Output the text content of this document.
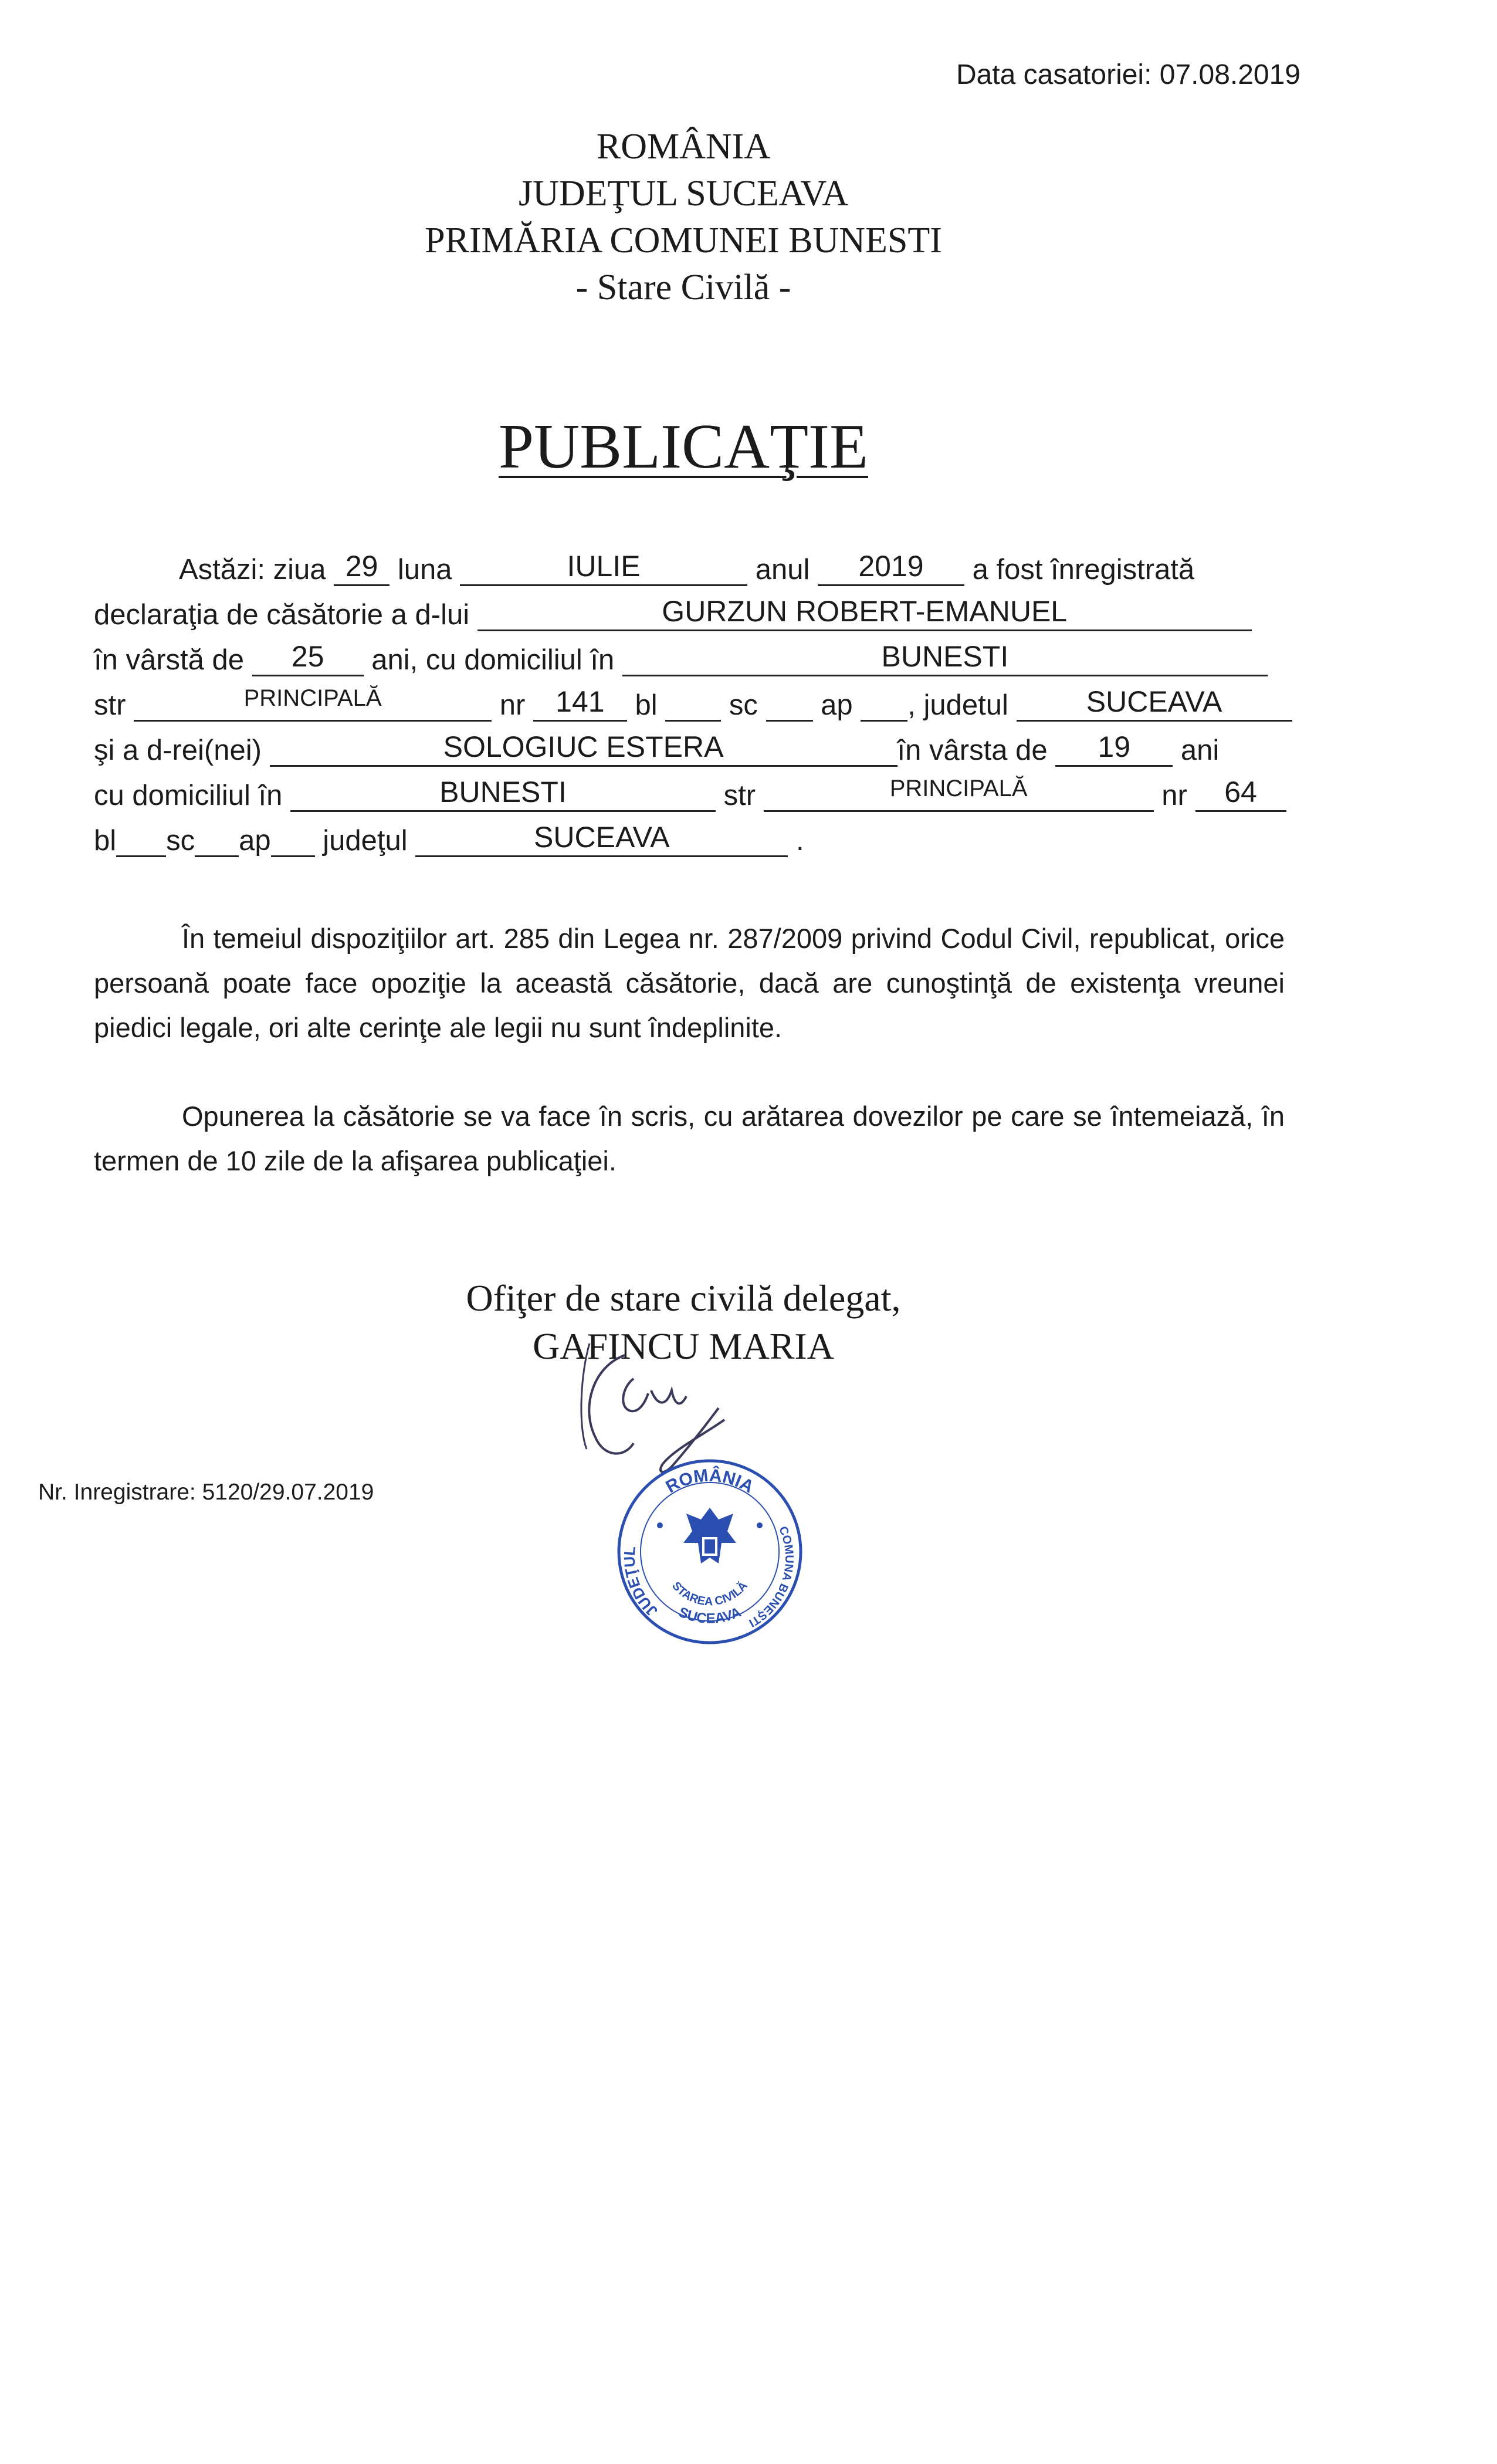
Data casatoriei: 07.08.2019
ROMÂNIA
JUDEŢUL SUCEAVA
PRIMĂRIA COMUNEI BUNESTI
- Stare Civilă -
PUBLICAŢIE
Astăzi: ziua 29 luna	IULIE	anul	2019	a fost înregistrată
declaraţia de căsătorie a d-lui	GURZUN ROBERT-EMANUEL
în vârstă de	25	ani, cu domiciliul în	BUNESTI
str	PRINCIPALĂ	nr	141	bl sc ap , judetul	SUCEAVA
şi a d-rei(nei)	SOLOGIUC ESTERA	în vârsta de	19	ani
cu domiciliul în	BUNESTI	str	PRINCIPALĂ	nr	64
bl sc ap judeţul	SUCEAVA	.
În temeiul dispoziţiilor art. 285 din Legea nr. 287/2009 privind Codul Civil, republicat, orice persoană poate face opoziţie la această căsătorie, dacă are cunoştinţă de existenţa vreunei piedici legale, ori alte cerinţe ale legii nu sunt îndeplinite.
Opunerea la căsătorie se va face în scris, cu arătarea dovezilor pe care se întemeiază, în termen de 10 zile de la afişarea publicaţiei.
Ofiţer de stare civilă delegat,
GAFINCU MARIA
Nr. Inregistrare: 5120/29.07.2019	ROMÂNIA
JUDEŢUL
COMUNA BUNEŞTI
SUCEAVA
STAREA CIVILĂ
